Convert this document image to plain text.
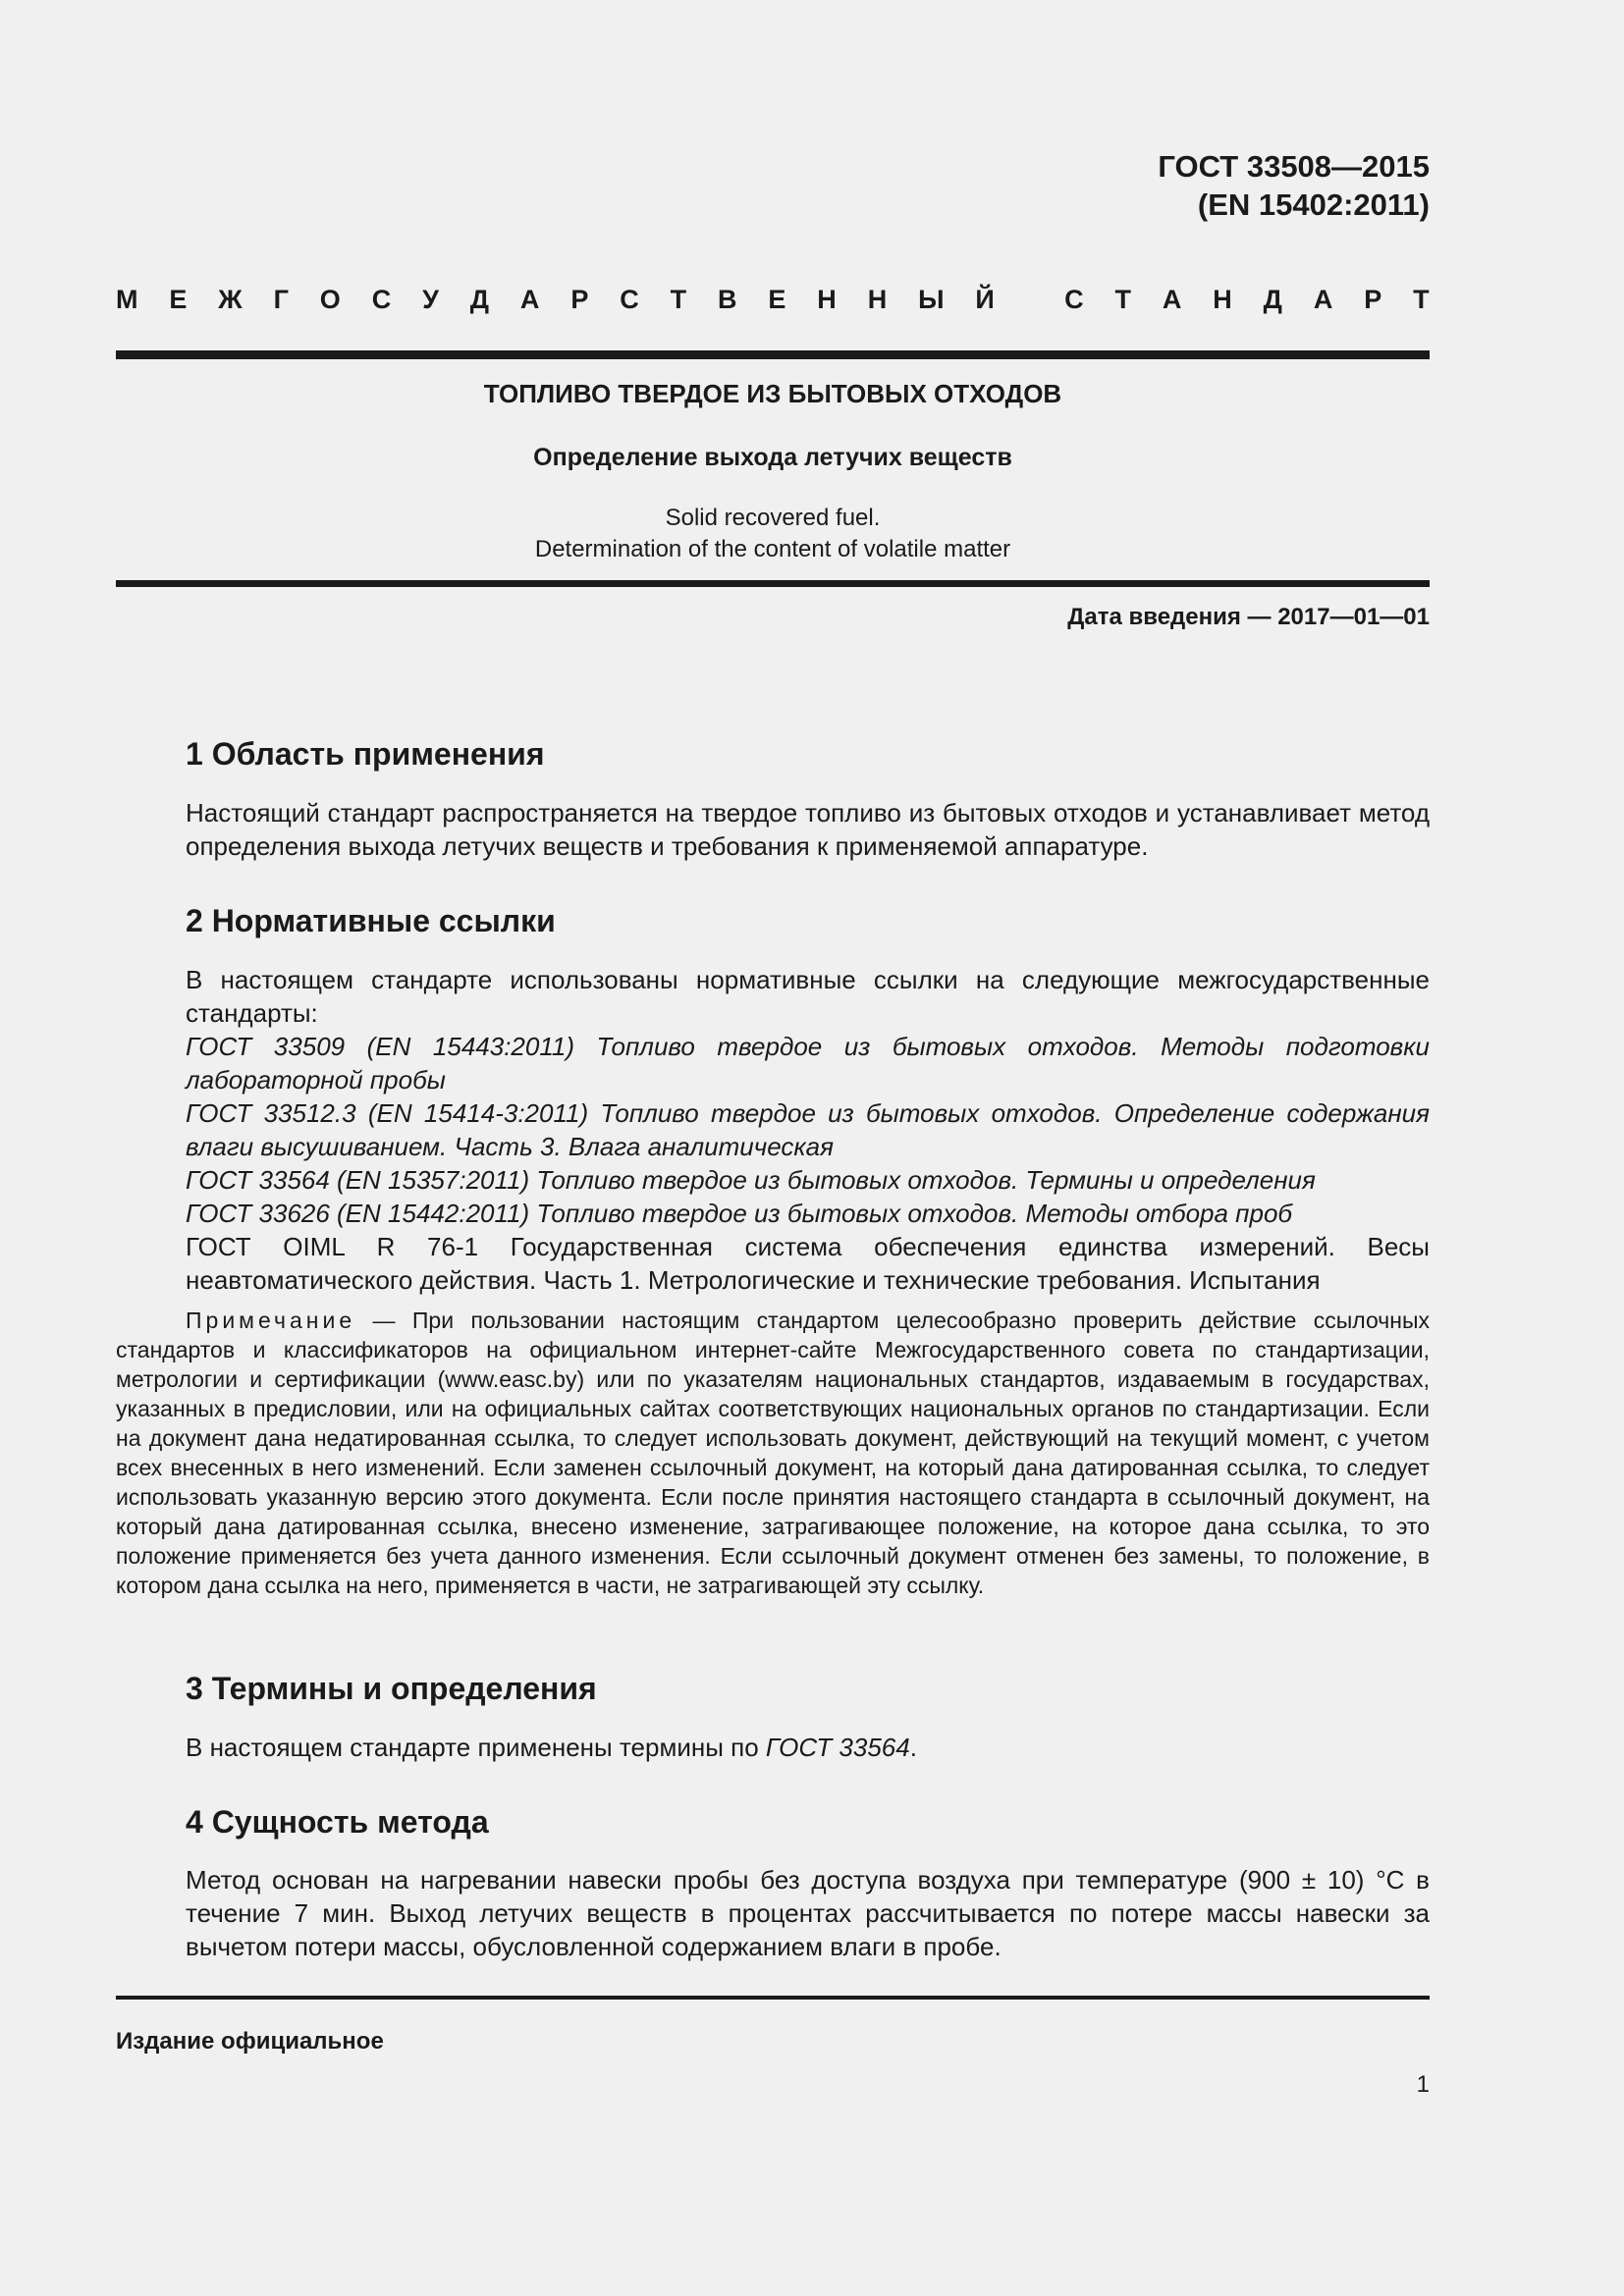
ГОСТ 33508—2015
(EN 15402:2011)
М Е Ж Г О С У Д А Р С Т В Е Н Н Ы Й
	С Т А Н Д А Р Т
ТОПЛИВО ТВЕРДОЕ ИЗ БЫТОВЫХ ОТХОДОВ
Определение выхода летучих веществ
Solid recovered fuel.
Determination of the content of volatile matter
Дата введения — 2017—01—01
1 Область применения
Настоящий стандарт распространяется на твердое топливо из бытовых отходов и устанавливает метод определения выхода летучих веществ и требования к применяемой аппаратуре.
2 Нормативные ссылки
В настоящем стандарте использованы нормативные ссылки на следующие межгосударственные стандарты:
ГОСТ 33509 (EN 15443:2011) Топливо твердое из бытовых отходов. Методы подготовки лабораторной пробы
ГОСТ 33512.3 (EN 15414-3:2011) Топливо твердое из бытовых отходов. Определение содержания влаги высушиванием. Часть 3. Влага аналитическая
ГОСТ 33564 (EN 15357:2011) Топливо твердое из бытовых отходов. Термины и определения
ГОСТ 33626 (EN 15442:2011) Топливо твердое из бытовых отходов. Методы отбора проб
ГОСТ OIML R 76-1 Государственная система обеспечения единства измерений. Весы неавтоматического действия. Часть 1. Метрологические и технические требования. Испытания
Примечание — При пользовании настоящим стандартом целесообразно проверить действие ссылочных стандартов и классификаторов на официальном интернет-сайте Межгосударственного совета по стандартизации, метрологии и сертификации (www.easc.by) или по указателям национальных стандартов, издаваемым в государствах, указанных в предисловии, или на официальных сайтах соответствующих национальных органов по стандартизации. Если на документ дана недатированная ссылка, то следует использовать документ, действующий на текущий момент, с учетом всех внесенных в него изменений. Если заменен ссылочный документ, на который дана датированная ссылка, то следует использовать указанную версию этого документа. Если после принятия настоящего стандарта в ссылочный документ, на который дана датированная ссылка, внесено изменение, затрагивающее положение, на которое дана ссылка, то это положение применяется без учета данного изменения. Если ссылочный документ отменен без замены, то положение, в котором дана ссылка на него, применяется в части, не затрагивающей эту ссылку.
3 Термины и определения
В настоящем стандарте применены термины по ГОСТ 33564.
4 Сущность метода
Метод основан на нагревании навески пробы без доступа воздуха при температуре (900 ± 10) °С в течение 7 мин. Выход летучих веществ в процентах рассчитывается по потере массы навески за вычетом потери массы, обусловленной содержанием влаги в пробе.
Издание официальное
1
